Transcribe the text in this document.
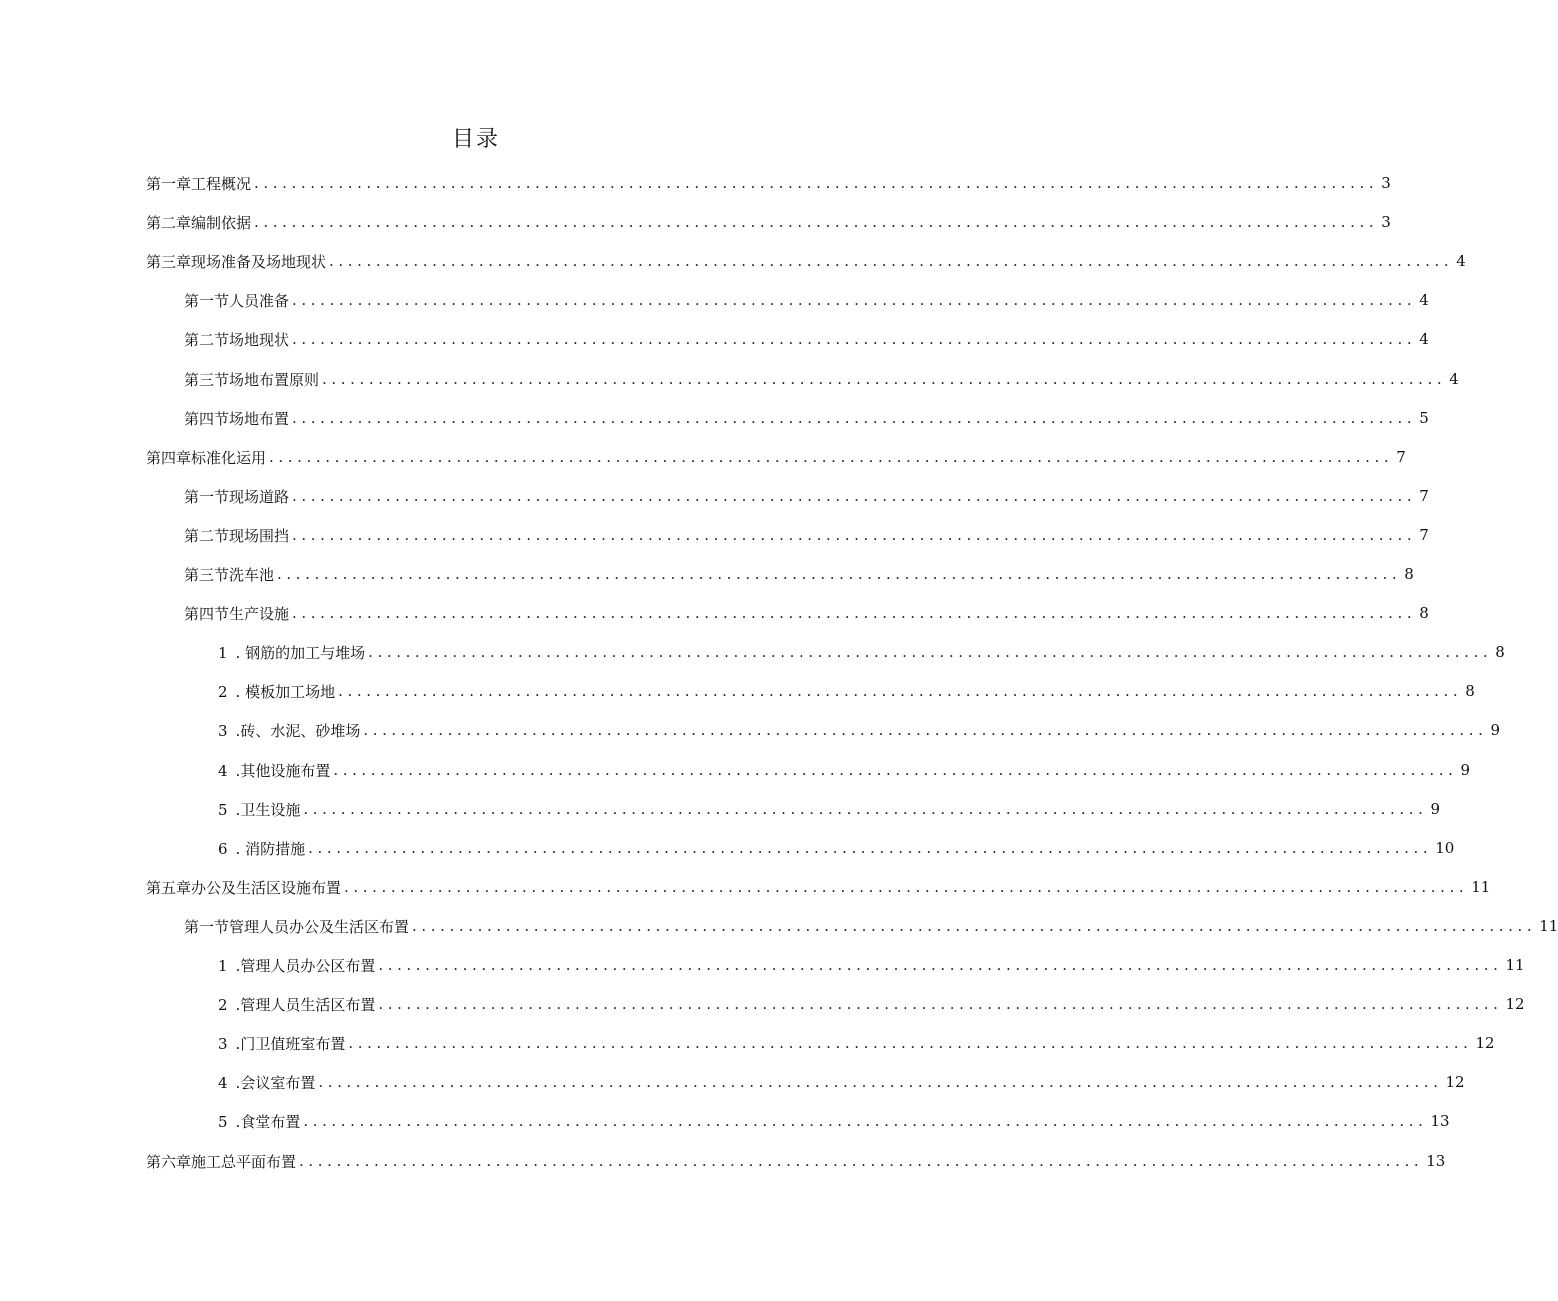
目录
第一章工程概况 ........................................................................................................................ 3
第二章编制依据 ........................................................................................................................ 3
第三章现场准备及场地现状 ........................................................................................................................ 4
第一节人员准备 ........................................................................................................................ 4
第二节场地现状 ........................................................................................................................ 4
第三节场地布置原则 ........................................................................................................................ 4
第四节场地布置 ........................................................................................................................ 5
第四章标准化运用 ........................................................................................................................ 7
第一节现场道路 ........................................................................................................................ 7
第二节现场围挡 ........................................................................................................................ 7
第三节洗车池 ........................................................................................................................ 8
第四节生产设施 ........................................................................................................................ 8
1 . 钢筋的加工与堆场 ........................................................................................................................ 8
2 . 模板加工场地 ........................................................................................................................ 8
3 .砖、水泥、砂堆场 ........................................................................................................................ 9
4 .其他设施布置 ........................................................................................................................ 9
5 .卫生设施 ........................................................................................................................ 9
6 . 消防措施 ........................................................................................................................ 10
第五章办公及生活区设施布置 ........................................................................................................................ 11
第一节管理人员办公及生活区布置 ........................................................................................................................ 11
1 .管理人员办公区布置 ........................................................................................................................ 11
2 .管理人员生活区布置 ........................................................................................................................ 12
3 .门卫值班室布置 ........................................................................................................................ 12
4 .会议室布置 ........................................................................................................................ 12
5 .食堂布置 ........................................................................................................................ 13
第六章施工总平面布置 ........................................................................................................................ 13
